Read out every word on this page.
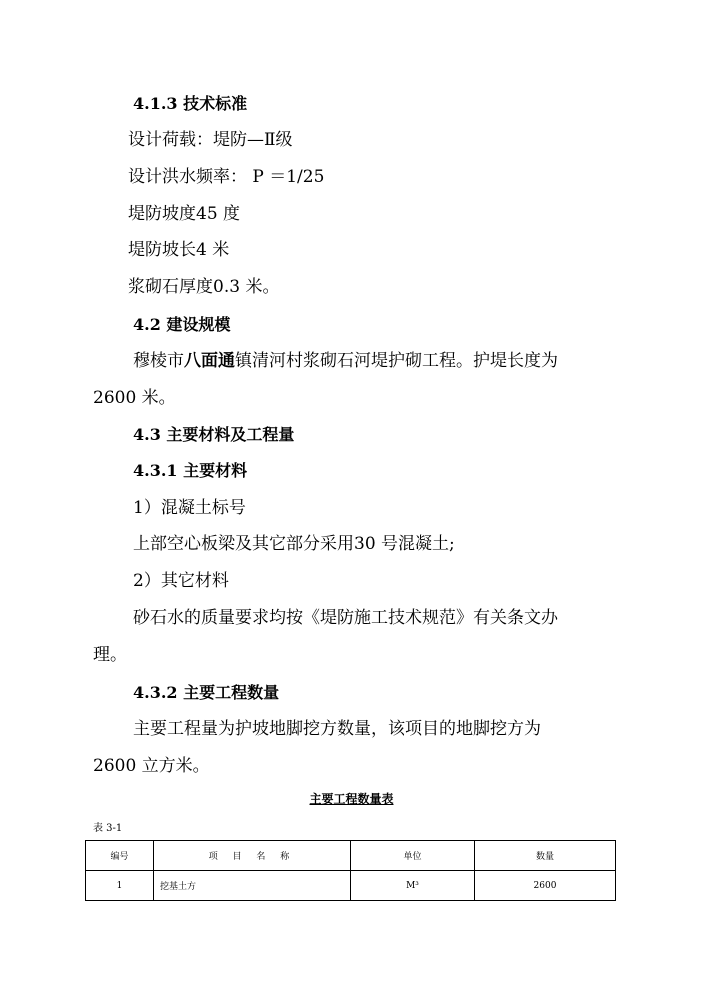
4.1.3 技术标准
设计荷载：堤防—Ⅱ级
设计洪水频率： P ＝1/25
堤防坡度45 度
堤防坡长4 米
浆砌石厚度0.3 米。
4.2 建设规模
穆棱市八面通镇清河村浆砌石河堤护砌工程。护堤长度为
2600 米。
4.3 主要材料及工程量
4.3.1 主要材料
1）混凝土标号
上部空心板梁及其它部分采用30 号混凝土;
2）其它材料
砂石水的质量要求均按《堤防施工技术规范》有关条文办
理。
4.3.2 主要工程数量
主要工程量为护坡地脚挖方数量，该项目的地脚挖方为
2600 立方米。
主要工程数量表
表 3-1
编号	项 目 名 称	单位	数量
1	挖基土方	M³	2600
